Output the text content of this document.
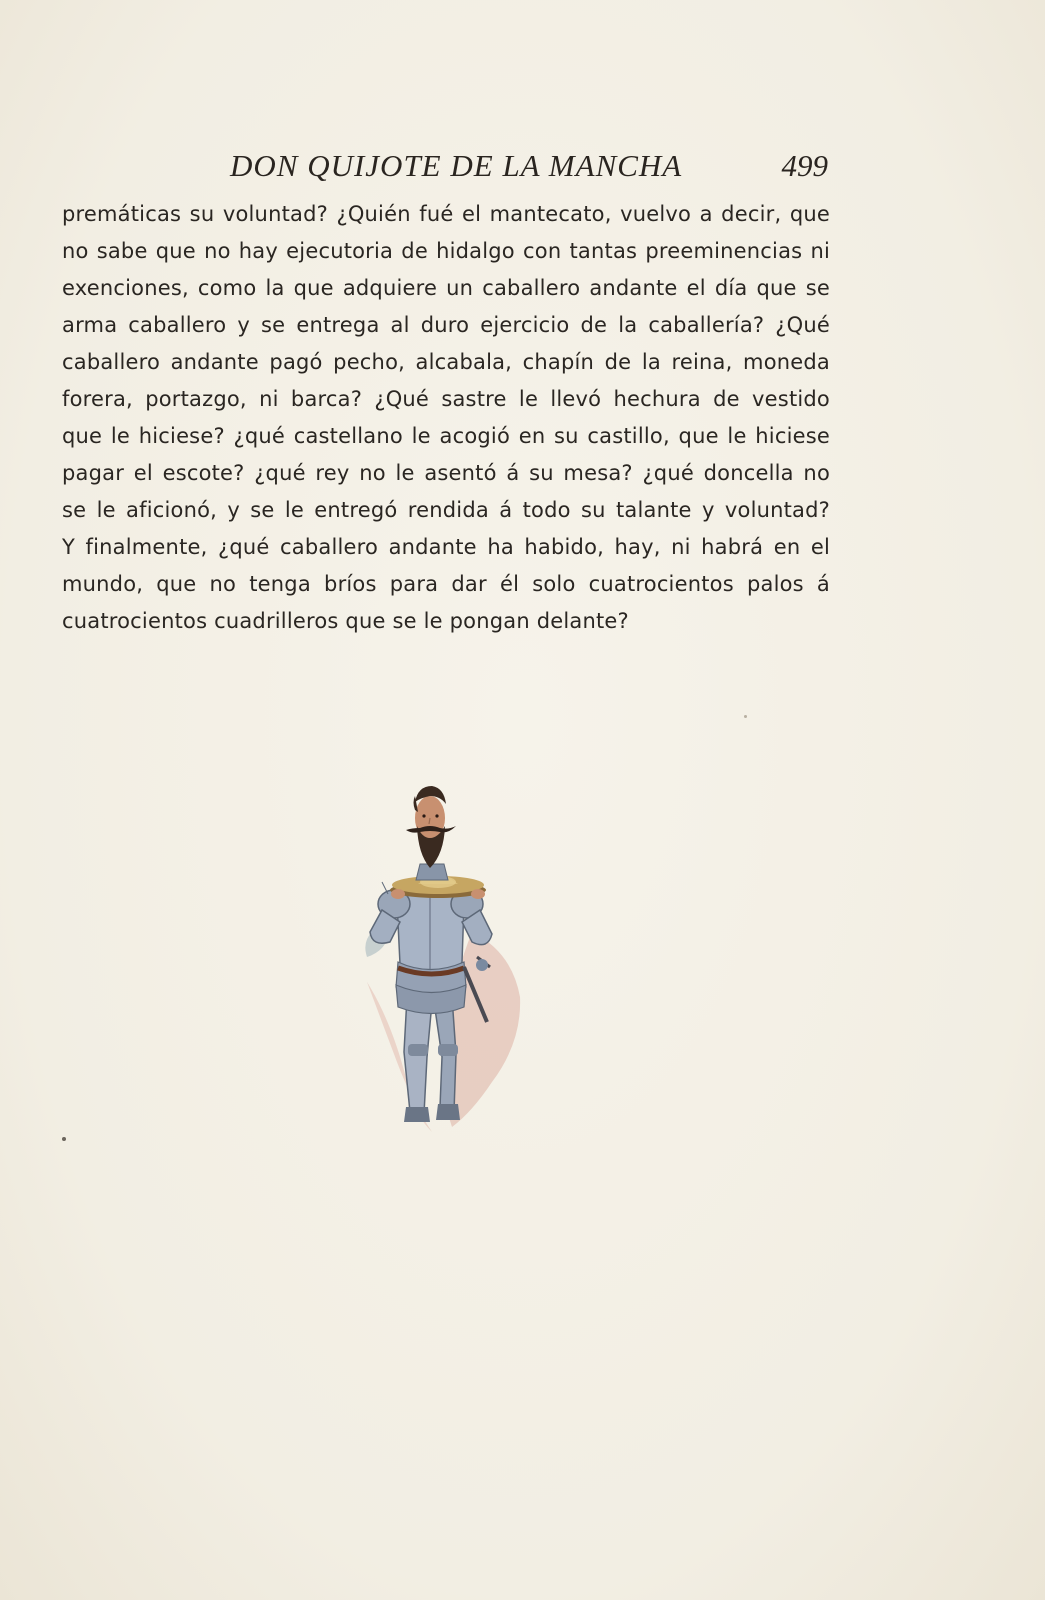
DON QUIJOTE DE LA MANCHA	499
premáticas su voluntad? ¿Quién fué el mantecato, vuelvo a decir, que
no sabe que no hay ejecutoria de hidalgo con tantas preeminencias ni
exenciones, como la que adquiere un caballero andante el día que se
arma caballero y se entrega al duro ejercicio de la caballería? ¿Qué
caballero andante pagó pecho, alcabala, chapín de la reina, moneda
forera, portazgo, ni barca? ¿Qué sastre le llevó hechura de vestido
que le hiciese? ¿qué castellano le acogió en su castillo, que le hiciese
pagar el escote? ¿qué rey no le asentó á su mesa? ¿qué doncella no
se le aficionó, y se le entregó rendida á todo su talante y voluntad?
Y finalmente, ¿qué caballero andante ha habido, hay, ni habrá en el
mundo, que no tenga bríos para dar él solo cuatrocientos palos á
cuatrocientos cuadrilleros que se le pongan delante?
